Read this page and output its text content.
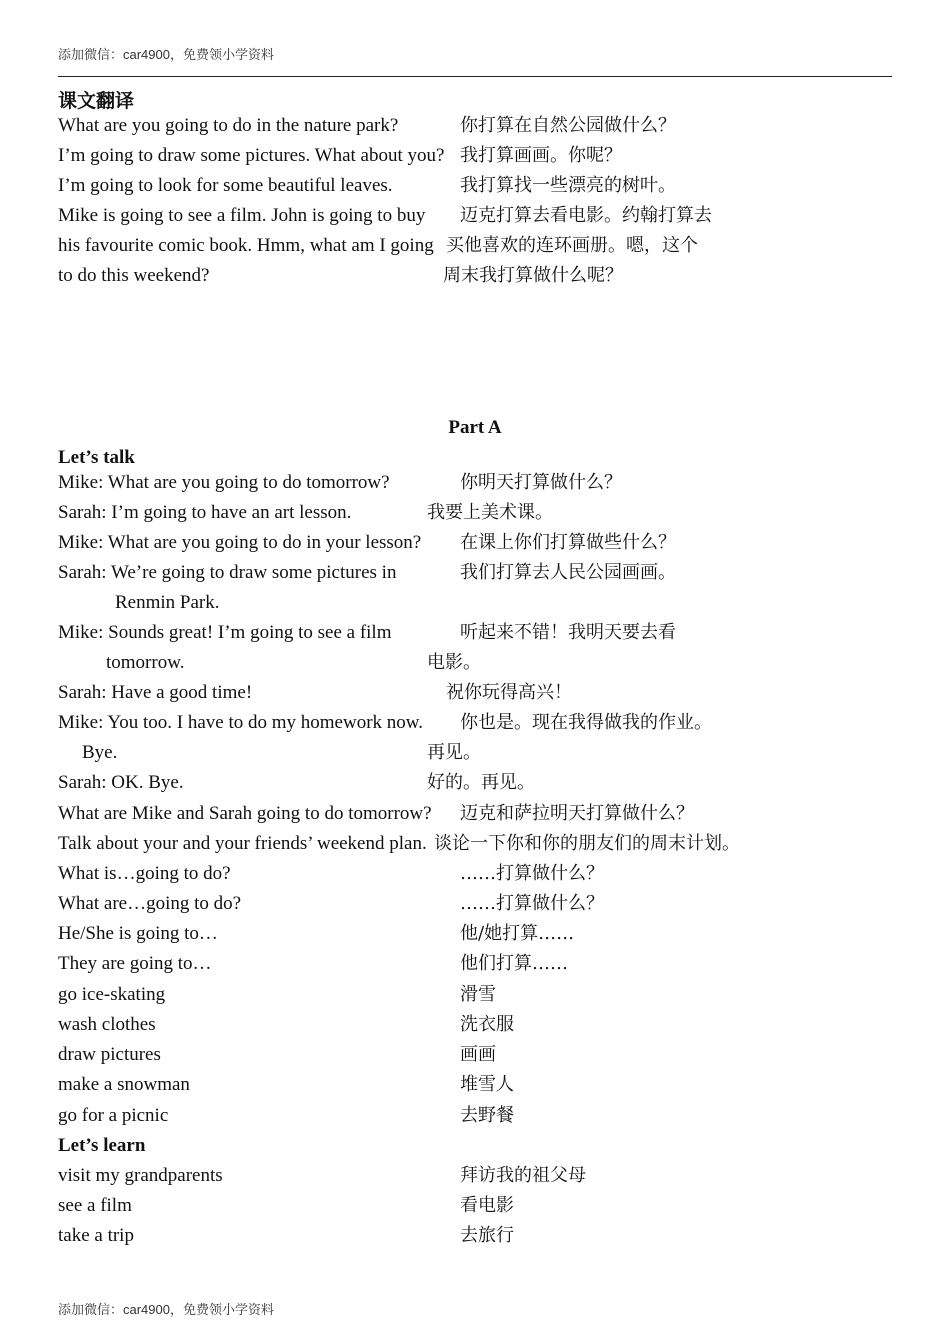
添加微信：car4900，免费领小学资料
课文翻译
What are you going to do in the nature park?	你打算在自然公园做什么？
I’m going to draw some pictures. What about you? 我打算画画。你呢？
I’m going to look for some beautiful leaves.	我打算找一些漂亮的树叶。
Mike is going to see a film. John is going to buy 迈克打算去看电影。约翰打算去
his favourite comic book. Hmm, what am I going 买他喜欢的连环画册。嗯，这个
to do this weekend?	周末我打算做什么呢？
Part A
Let’s talk
Mike: What are you going to do tomorrow?	你明天打算做什么？
Sarah: I’m going to have an art lesson.	我要上美术课。
Mike: What are you going to do in your lesson? 在课上你们打算做些什么？
Sarah: We’re going to draw some pictures in	我们打算去人民公园画画。
Renmin Park.
Mike: Sounds great! I’m going to see a film	听起来不错！我明天要去看
tomorrow.	电影。
Sarah: Have a good time!	祝你玩得高兴！
Mike: You too. I have to do my homework now. 你也是。现在我得做我的作业。
Bye.	再见。
Sarah: OK. Bye.	好的。再见。
What are Mike and Sarah going to do tomorrow? 迈克和萨拉明天打算做什么？
Talk about your and your friends’ weekend plan. 谈论一下你和你的朋友们的周末计划。
What is…going to do?	……打算做什么？
What are…going to do?	……打算做什么？
He/She is going to…	他/她打算……
They are going to…	他们打算……
go ice-skating	滑雪
wash clothes	洗衣服
draw pictures	画画
make a snowman	堆雪人
go for a picnic	去野餐
Let’s learn
visit my grandparents	拜访我的祖父母
see a film	看电影
take a trip	去旅行
添加微信：car4900，免费领小学资料
